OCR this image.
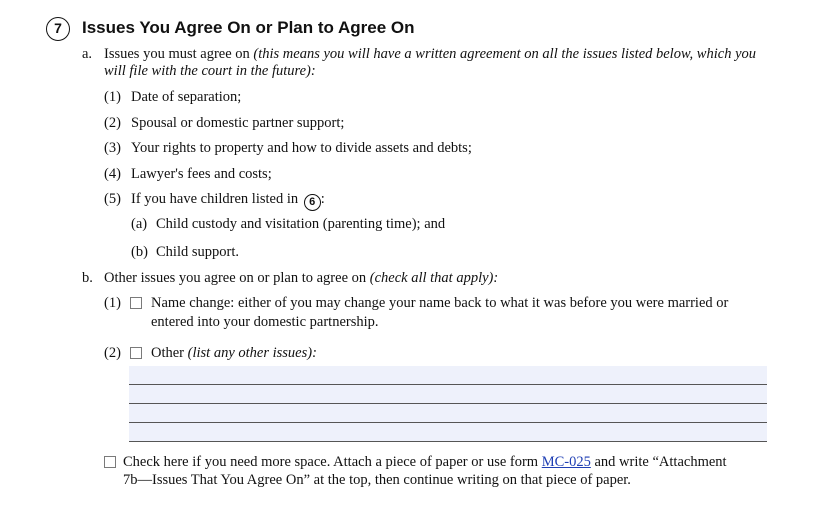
7	Issues You Agree On or Plan to Agree On
a. Issues you must agree on (this means you will have a written agreement on all the issues listed below, which you
will file with the court in the future):
(1) Date of separation;
(2) Spousal or domestic partner support;
(3) Your rights to property and how to divide assets and debts;
(4) Lawyer's fees and costs;
(5) If you have children listed in 6 :
(a) Child custody and visitation (parenting time); and
(b) Child support.
b. Other issues you agree on or plan to agree on (check all that apply):
(1) Name change: either of you may change your name back to what it was before you were married or
entered into your domestic partnership.
(2) Other (list any other issues):
Check here if you need more space. Attach a piece of paper or use form MC-025 and write “Attachment
7b—Issues That You Agree On” at the top, then continue writing on that piece of paper.
